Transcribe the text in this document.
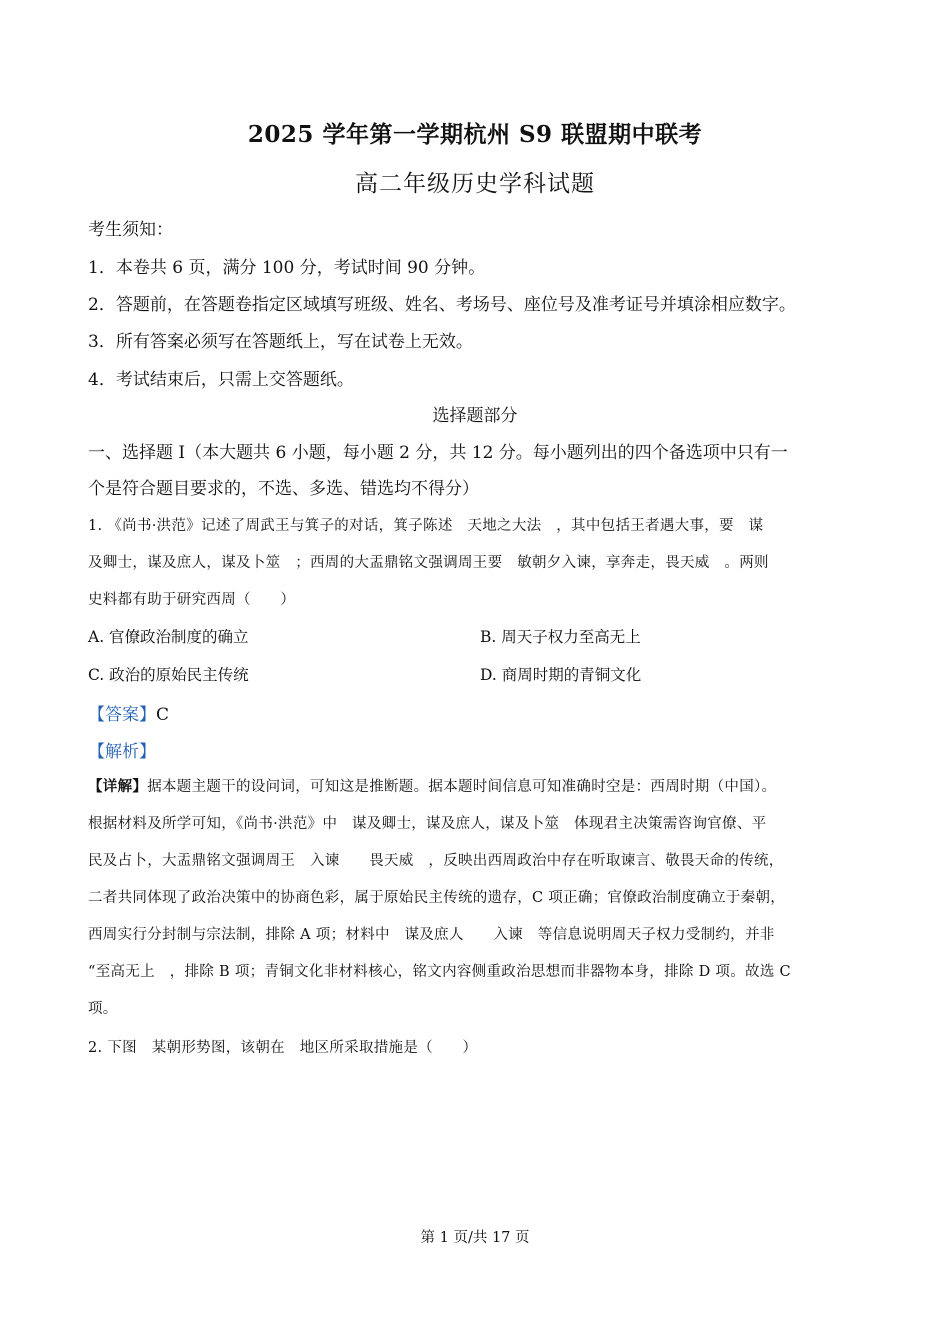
2025 学年第一学期杭州 S9 联盟期中联考
高二年级历史学科试题
考生须知：
1．本卷共 6 页，满分 100 分，考试时间 90 分钟。
2．答题前，在答题卷指定区域填写班级、姓名、考场号、座位号及准考证号并填涂相应数字。
3．所有答案必须写在答题纸上，写在试卷上无效。
4．考试结束后，只需上交答题纸。
选择题部分
一、选择题 I（本大题共 6 小题，每小题 2 分，共 12 分。每小题列出的四个备选项中只有一
个是符合题目要求的，不选、多选、错选均不得分）
1. 《尚书·洪范》记述了周武王与箕子的对话，箕子陈述　天地之大法　，其中包括王者遇大事，要　谋
及卿士，谋及庶人，谋及卜筮　；西周的大盂鼎铭文强调周王要　敏朝夕入谏，享奔走，畏天威　。两则
史料都有助于研究西周（　　）
A. 官僚政治制度的确立	B. 周天子权力至高无上
C. 政治的原始民主传统	D. 商周时期的青铜文化
【答案】C
【解析】
【详解】据本题主题干的设问词，可知这是推断题。据本题时间信息可知准确时空是：西周时期（中国）。
根据材料及所学可知，《尚书·洪范》中　谋及卿士，谋及庶人，谋及卜筮　体现君主决策需咨询官僚、平
民及占卜，大盂鼎铭文强调周王　入谏　　畏天威　，反映出西周政治中存在听取谏言、敬畏天命的传统，
二者共同体现了政治决策中的协商色彩，属于原始民主传统的遗存，C 项正确；官僚政治制度确立于秦朝，
西周实行分封制与宗法制，排除 A 项；材料中　谋及庶人　　入谏　等信息说明周天子权力受制约，并非
“至高无上　，排除 B 项；青铜文化非材料核心，铭文内容侧重政治思想而非器物本身，排除 D 项。故选 C
项。
2. 下图　某朝形势图，该朝在　地区所采取措施是（　　）
第 1 页/共 17 页
